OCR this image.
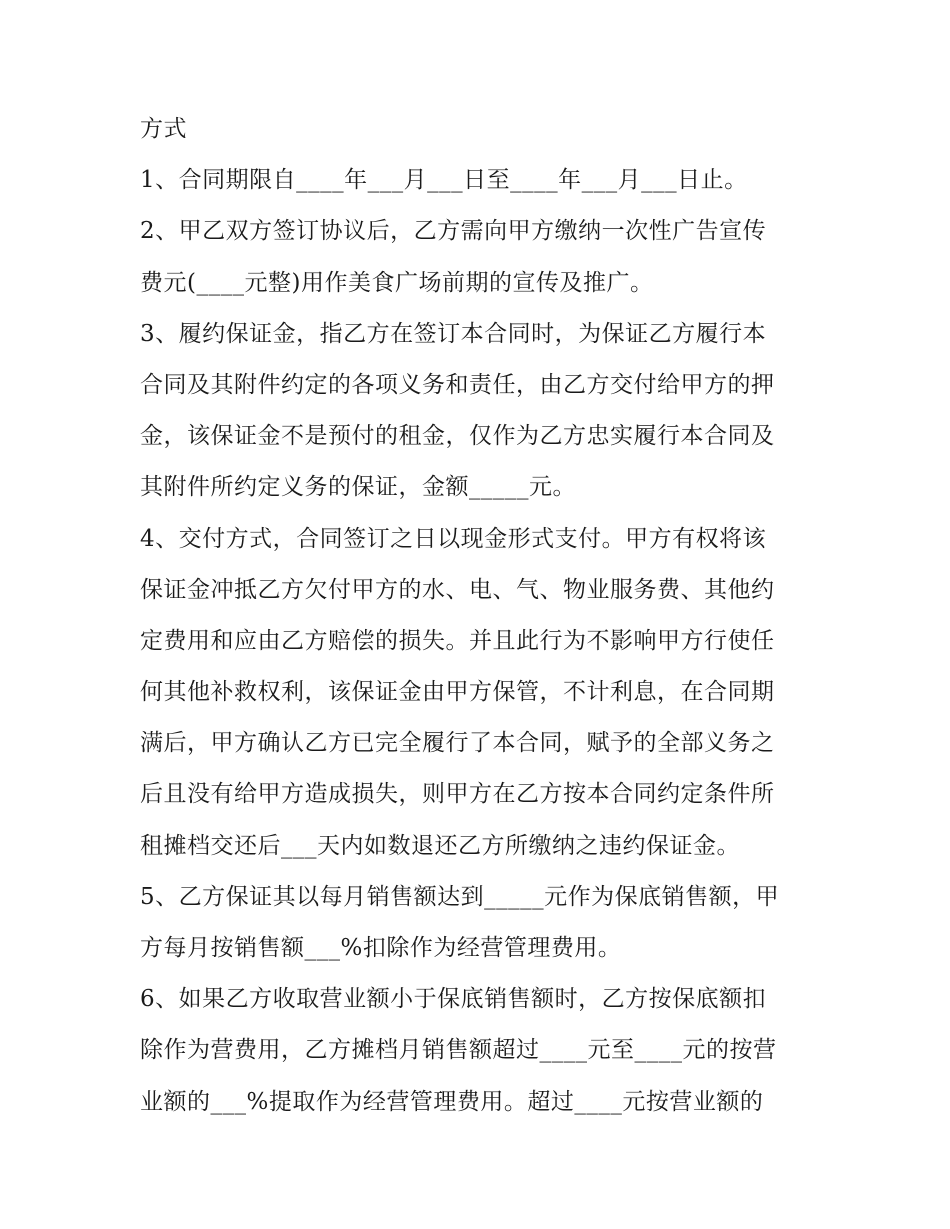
方式
1、合同期限自____年___月___日至____年___月___日止。
2、甲乙双方签订协议后，乙方需向甲方缴纳一次性广告宣传
费元(____元整)用作美食广场前期的宣传及推广。
3、履约保证金，指乙方在签订本合同时，为保证乙方履行本
合同及其附件约定的各项义务和责任，由乙方交付给甲方的押
金，该保证金不是预付的租金，仅作为乙方忠实履行本合同及
其附件所约定义务的保证，金额_____元。
4、交付方式，合同签订之日以现金形式支付。甲方有权将该
保证金冲抵乙方欠付甲方的水、电、气、物业服务费、其他约
定费用和应由乙方赔偿的损失。并且此行为不影响甲方行使任
何其他补救权利，该保证金由甲方保管，不计利息，在合同期
满后，甲方确认乙方已完全履行了本合同，赋予的全部义务之
后且没有给甲方造成损失，则甲方在乙方按本合同约定条件所
租摊档交还后___天内如数退还乙方所缴纳之违约保证金。
5、乙方保证其以每月销售额达到_____元作为保底销售额，甲
方每月按销售额___%扣除作为经营管理费用。
6、如果乙方收取营业额小于保底销售额时，乙方按保底额扣
除作为营费用，乙方摊档月销售额超过____元至____元的按营
业额的___%提取作为经营管理费用。超过____元按营业额的
